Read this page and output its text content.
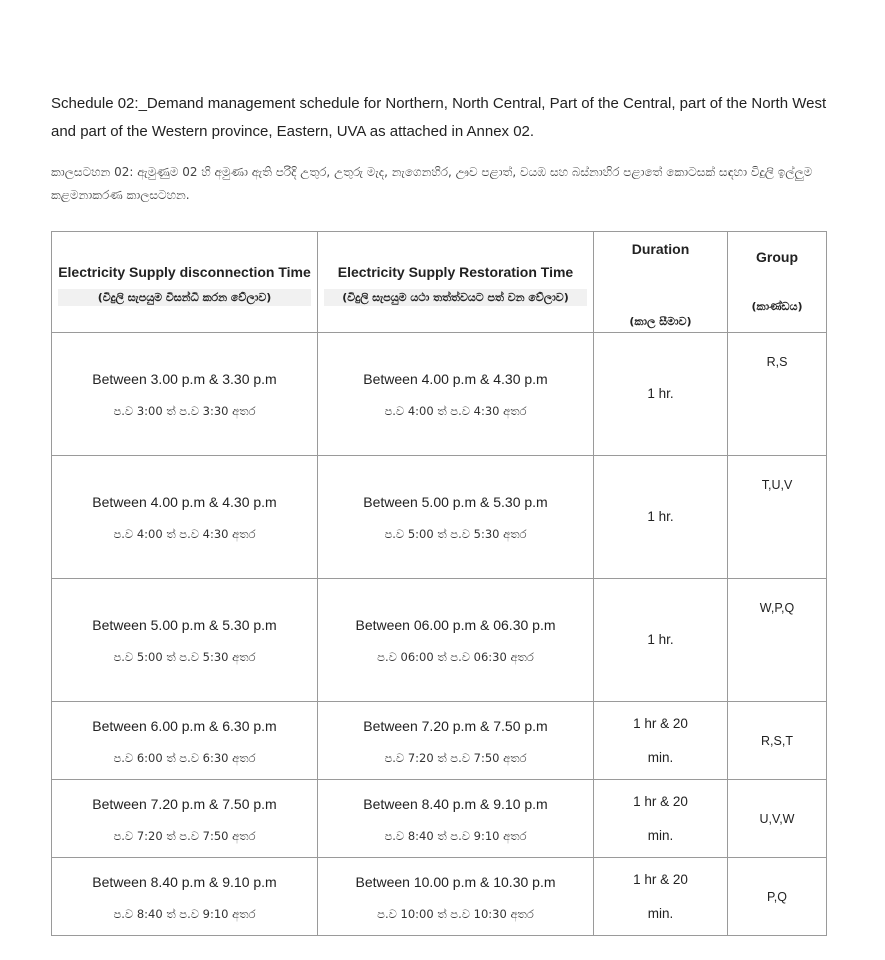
Schedule 02:_Demand management schedule for Northern, North Central, Part of the Central, part of the North West and part of the Western province, Eastern, UVA as attached in Annex 02.
කාලසටහන 02: ඇමුණුම 02 හි අමුණා ඇති පරිදි උතුර, උතුරු මැද, නැගෙනහිර, ඌව පළාත්, වයඹ සහ බස්නාහිර පළාතේ කොටසක් සඳහා විදුලි ඉල්ලුම කළමනාකරණ කාලසටහන.
Electricity Supply disconnection Time
(විදුලි සැපයුම විසන්ධි කරන වේලාව)	Electricity Supply Restoration Time
(විදුලි සැපයුම යථා තත්ත්වයට පත් වන වේලාව)	Duration
(කාල සීමාව)	Group
(කාණ්ඩය)

Between 3.00 p.m & 3.30 p.m
ප.ව 3:00 ත් ප.ව 3:30 අතර	Between 4.00 p.m & 4.30 p.m
ප.ව 4:00 ත් ප.ව 4:30 අතර	1 hr.	R,S

Between 4.00 p.m & 4.30 p.m
ප.ව 4:00 ත් ප.ව 4:30 අතර	Between 5.00 p.m & 5.30 p.m
ප.ව 5:00 ත් ප.ව 5:30 අතර	1 hr.	T,U,V

Between 5.00 p.m & 5.30 p.m
ප.ව 5:00 ත් ප.ව 5:30 අතර	Between 06.00 p.m & 06.30 p.m
ප.ව 06:00 ත් ප.ව 06:30 අතර	1 hr.	W,P,Q

Between 6.00 p.m & 6.30 p.m
ප.ව 6:00 ත් ප.ව 6:30 අතර	Between 7.20 p.m & 7.50 p.m
ප.ව 7:20 ත් ප.ව 7:50 අතර	1 hr & 20
min.	R,S,T

Between 7.20 p.m & 7.50 p.m
ප.ව 7:20 ත් ප.ව 7:50 අතර	Between 8.40 p.m & 9.10 p.m
ප.ව 8:40 ත් ප.ව 9:10 අතර	1 hr & 20
min.	U,V,W

Between 8.40 p.m & 9.10 p.m
ප.ව 8:40 ත් ප.ව 9:10 අතර	Between 10.00 p.m & 10.30 p.m
ප.ව 10:00 ත් ප.ව 10:30 අතර	1 hr & 20
min.	P,Q
